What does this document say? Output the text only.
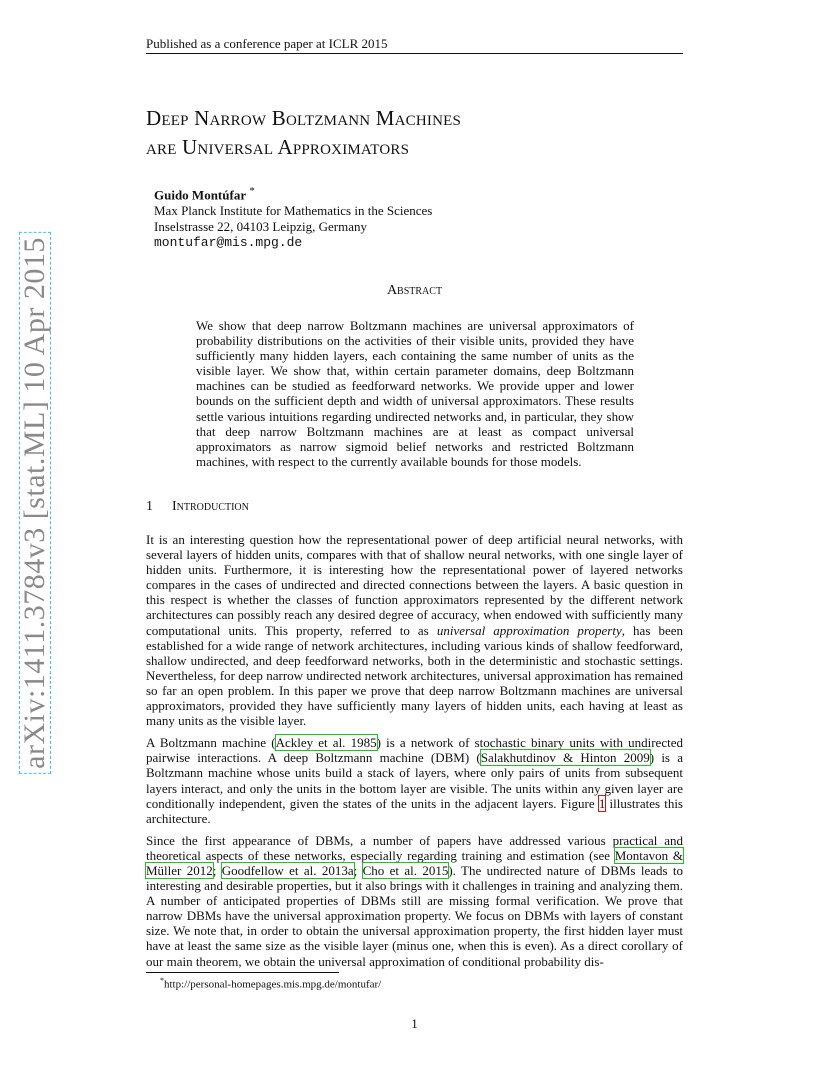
Published as a conference paper at ICLR 2015
arXiv:1411.3784v3 [stat.ML] 10 Apr 2015
Deep Narrow Boltzmann Machines
are Universal Approximators
Guido Montúfar *
Max Planck Institute for Mathematics in the Sciences
Inselstrasse 22, 04103 Leipzig, Germany
montufar@mis.mpg.de
Abstract
We show that deep narrow Boltzmann machines are universal approximators of probability distributions on the activities of their visible units, provided they have sufficiently many hidden layers, each containing the same number of units as the visible layer. We show that, within certain parameter domains, deep Boltzmann machines can be studied as feedforward networks. We provide upper and lower bounds on the sufficient depth and width of universal approximators. These results settle various intuitions regarding undirected networks and, in particular, they show that deep narrow Boltzmann machines are at least as compact universal approximators as narrow sigmoid belief networks and restricted Boltzmann machines, with respect to the currently available bounds for those models.
1 Introduction

It is an interesting question how the representational power of deep artificial neural networks, with several layers of hidden units, compares with that of shallow neural networks, with one single layer of hidden units. Furthermore, it is interesting how the representational power of layered networks compares in the cases of undirected and directed connections between the layers. A basic question in this respect is whether the classes of function approximators represented by the different network architectures can possibly reach any desired degree of accuracy, when endowed with sufficiently many computational units. This property, referred to as universal approximation property, has been established for a wide range of network architectures, including various kinds of shallow feedforward, shallow undirected, and deep feedforward networks, both in the deterministic and stochastic settings. Nevertheless, for deep narrow undirected network architectures, universal approximation has remained so far an open problem. In this paper we prove that deep narrow Boltzmann machines are universal approximators, provided they have sufficiently many layers of hidden units, each having at least as many units as the visible layer.

A Boltzmann machine (Ackley et al. 1985) is a network of stochastic binary units with undirected pairwise interactions. A deep Boltzmann machine (DBM) (Salakhutdinov & Hinton 2009) is a Boltzmann machine whose units build a stack of layers, where only pairs of units from subsequent layers interact, and only the units in the bottom layer are visible. The units within any given layer are conditionally independent, given the states of the units in the adjacent layers. Figure 1 illustrates this architecture.

Since the first appearance of DBMs, a number of papers have addressed various practical and theoretical aspects of these networks, especially regarding training and estimation (see Montavon & Müller 2012; Goodfellow et al. 2013a; Cho et al. 2015). The undirected nature of DBMs leads to interesting and desirable properties, but it also brings with it challenges in training and analyzing them. A number of anticipated properties of DBMs still are missing formal verification. We prove that narrow DBMs have the universal approximation property. We focus on DBMs with layers of constant size. We note that, in order to obtain the universal approximation property, the first hidden layer must have at least the same size as the visible layer (minus one, when this is even). As a direct corollary of our main theorem, we obtain the universal approximation of conditional probability dis-

*http://personal-homepages.mis.mpg.de/montufar/
1
